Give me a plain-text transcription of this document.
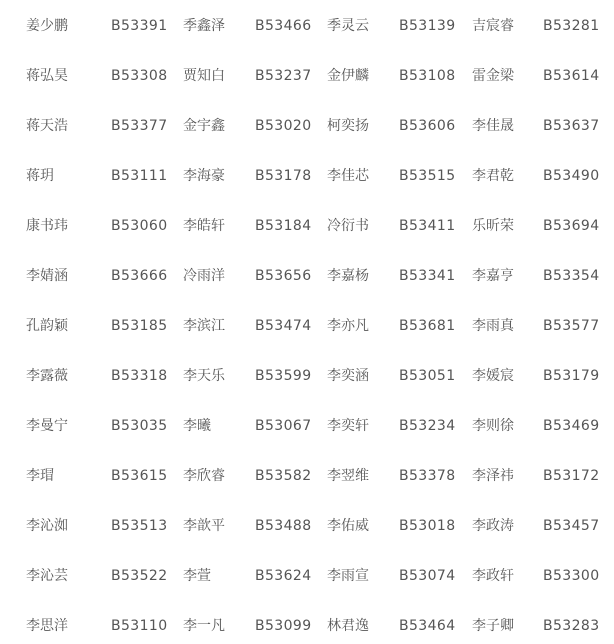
姜少鹏	B53391 季鑫泽 B53466 季灵云 B53139 吉宸睿 B53281
蒋弘昊	B53308 贾知白 B53237 金伊麟 B53108 雷金梁 B53614
蒋天浩	B53377 金宇鑫 B53020 柯奕扬 B53606 李佳晟 B53637
蒋玥	B53111 李海豪 B53178 李佳芯 B53515 李君乾 B53490
康书玮	B53060 李皓轩 B53184 冷衍书 B53411 乐昕荣 B53694
李婧涵	B53666 冷雨洋 B53656 李嘉杨 B53341 李嘉亨 B53354
孔韵颖	B53185 李滨江 B53474 李亦凡 B53681 李雨真 B53577
李露薇	B53318 李天乐 B53599 李奕涵 B53051 李媛宸 B53179
李曼宁	B53035 李曦	B53067 李奕轩 B53234 李则徐 B53469
李瑁	B53615 李欣睿 B53582 李翌维 B53378 李泽祎 B53172
李沁洳	B53513 李歆平 B53488 李佑威 B53018 李政涛 B53457
李沁芸	B53522 李萱	B53624 李雨宣 B53074 李政轩 B53300
李思洋	B53110 李一凡 B53099 林君逸 B53464 李子卿 B53283
